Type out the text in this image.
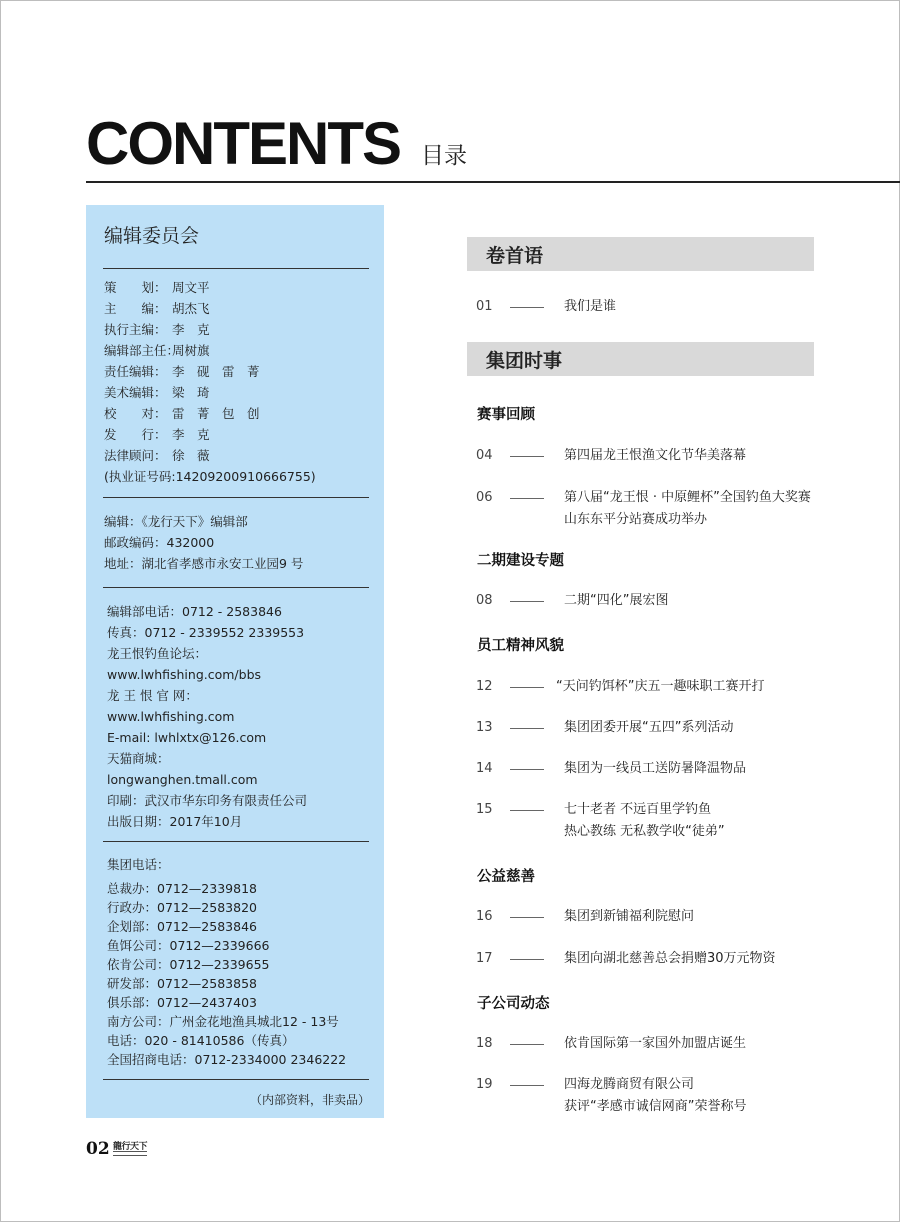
CONTENTS 目录
编辑委员会
策　　划： 周文平
主　　编： 胡杰飞
执行主编： 李　克
编辑部主任：周树旗
责任编辑： 李　砚　雷　菁
美术编辑： 梁　琦
校　　对： 雷　菁　包　创
发　　行： 李　克
法律顾问： 徐　薇
(执业证号码:14209200910666755)
编辑：《龙行天下》编辑部
邮政编码：432000
地址：湖北省孝感市永安工业园9 号
编辑部电话：0712 - 2583846
传真：0712 - 2339552 2339553
龙王恨钓鱼论坛：
www.lwhfishing.com/bbs
龙 王 恨 官 网：
www.lwhfishing.com
E-mail: lwhlxtx@126.com
天猫商城：
longwanghen.tmall.com
印刷：武汉市华东印务有限责任公司
出版日期：2017年10月
集团电话：
总裁办：0712—2339818
行政办：0712—2583820
企划部：0712—2583846
鱼饵公司：0712—2339666
依肯公司：0712—2339655
研发部：0712—2583858
俱乐部：0712—2437403
南方公司：广州金花地渔具城北12 - 13号
电话：020 - 81410586（传真）
全国招商电话：0712-2334000 2346222
（内部资料，非卖品）
卷首语
01	我们是谁
集团时事
赛事回顾
04	第四届龙王恨渔文化节华美落幕
06	第八届“龙王恨 · 中原鲤杯”全国钓鱼大奖赛
山东东平分站赛成功举办
二期建设专题
08	二期“四化”展宏图
员工精神风貌
12	“天问钓饵杯”庆五一趣味职工赛开打
13	集团团委开展“五四”系列活动
14	集团为一线员工送防暑降温物品
15	七十老者 不远百里学钓鱼
热心教练 无私教学收“徒弟”
公益慈善
16	集团到新铺福利院慰问
17	集团向湖北慈善总会捐赠30万元物资
子公司动态
18	依肯国际第一家国外加盟店诞生
19	四海龙腾商贸有限公司
获评“孝感市诚信网商”荣誉称号
02 龍行天下
